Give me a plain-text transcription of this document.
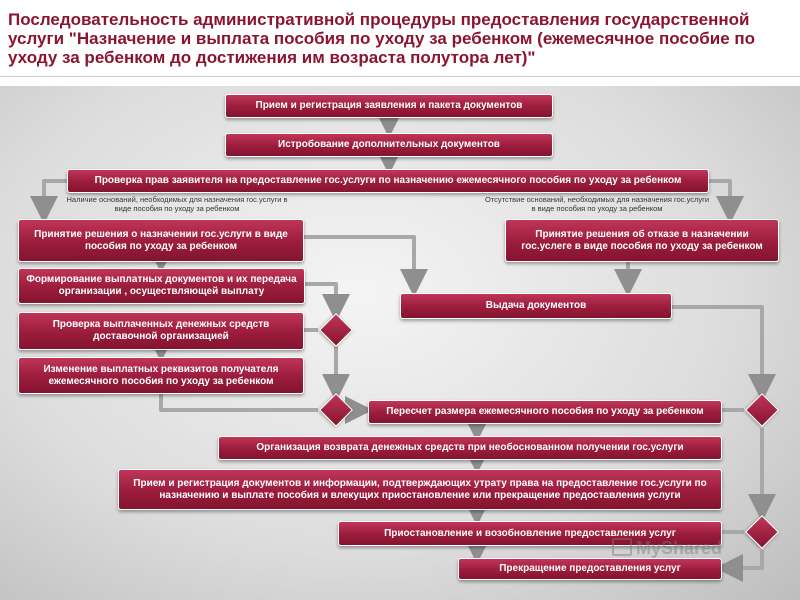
Последовательность административной процедуры предоставления государственной услуги "Назначение и выплата пособия по уходу за ребенком (ежемесячное пособие по уходу за ребенком до достижения им возраста полутора лет)"
Прием и регистрация заявления и пакета документов
Истробование дополнительных документов
Проверка прав заявителя на предоставление гос.услуги по назначению ежемесячного пособия по уходу за ребенком
Наличие оснований, необходимых для назначения гос.услуги в виде пособия по уходу за ребенком
Отсутствие оснований, необходимых для назначения гос.услуги в виде пособия по уходу за ребенком
Принятие решения о назначении гос.услуги в виде пособия по уходу за ребенком
Принятие решения об отказе в назначении гос.услеге в виде пособия по уходу за ребенком
Формирование выплатных документов и их передача организации , осуществляющей выплату
Выдача документов
Проверка выплаченных денежных средств доставочной организацией
Изменение выплатных реквизитов получателя ежемесячного пособия по уходу за ребенком
Пересчет размера ежемесячного пособия по уходу за ребенком
Организация возврата денежных средств при необоснованном получении гос.услуги
Прием и регистрация документов и информации, подтверждающих утрату права на предоставление гос.услуги по назначению и выплате пособия и влекущих приостановление или прекращение предоставления услуги
Приостановление и возобновление предоставления услуг
Прекращение предоставления услуг
MyShared
